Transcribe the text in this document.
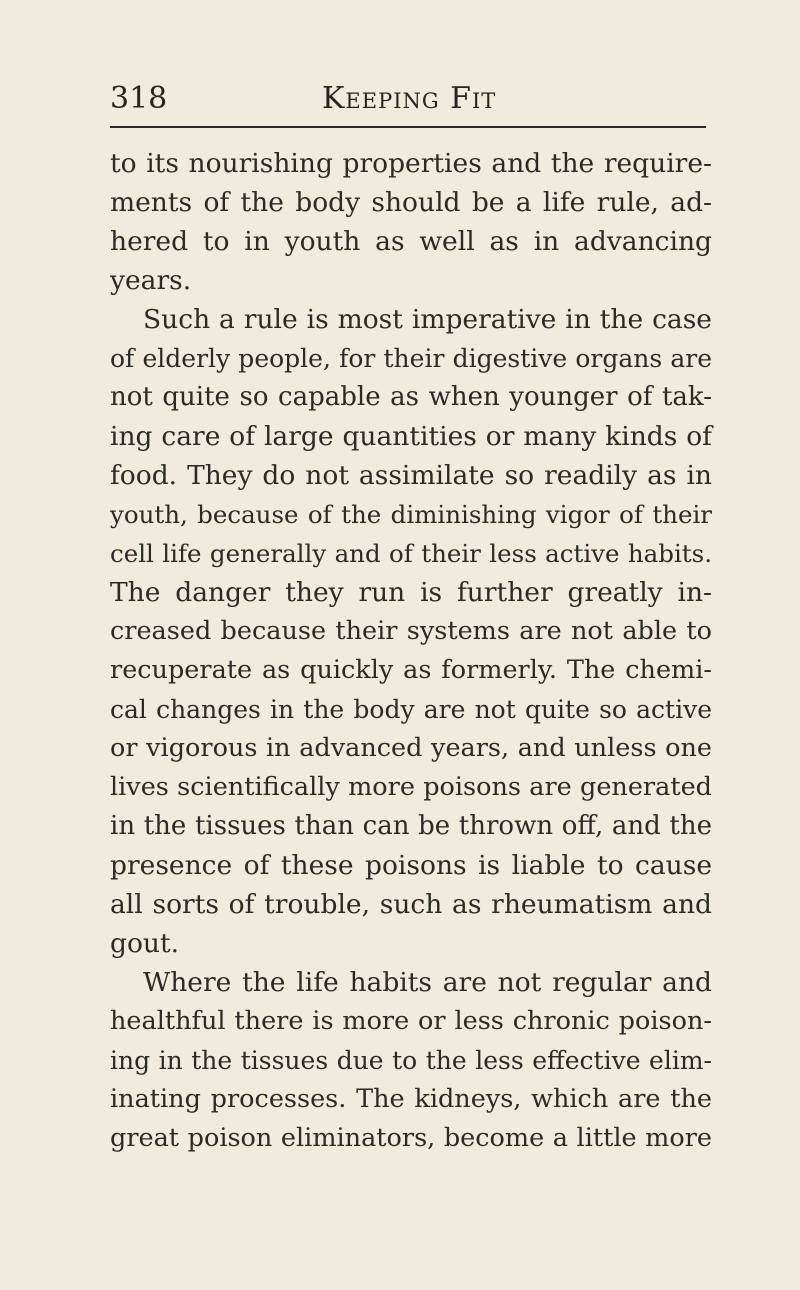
318	Keeping Fit
to its nourishing properties and the require-
ments of the body should be a life rule, ad-
hered to in youth as well as in advancing
years.
Such a rule is most imperative in the case
of elderly people, for their digestive organs are
not quite so capable as when younger of tak-
ing care of large quantities or many kinds of
food. They do not assimilate so readily as in
youth, because of the diminishing vigor of their
cell life generally and of their less active habits.
The danger they run is further greatly in-
creased because their systems are not able to
recuperate as quickly as formerly. The chemi-
cal changes in the body are not quite so active
or vigorous in advanced years, and unless one
lives scientifically more poisons are generated
in the tissues than can be thrown off, and the
presence of these poisons is liable to cause
all sorts of trouble, such as rheumatism and
gout.
Where the life habits are not regular and
healthful there is more or less chronic poison-
ing in the tissues due to the less effective elim-
inating processes. The kidneys, which are the
great poison eliminators, become a little more
